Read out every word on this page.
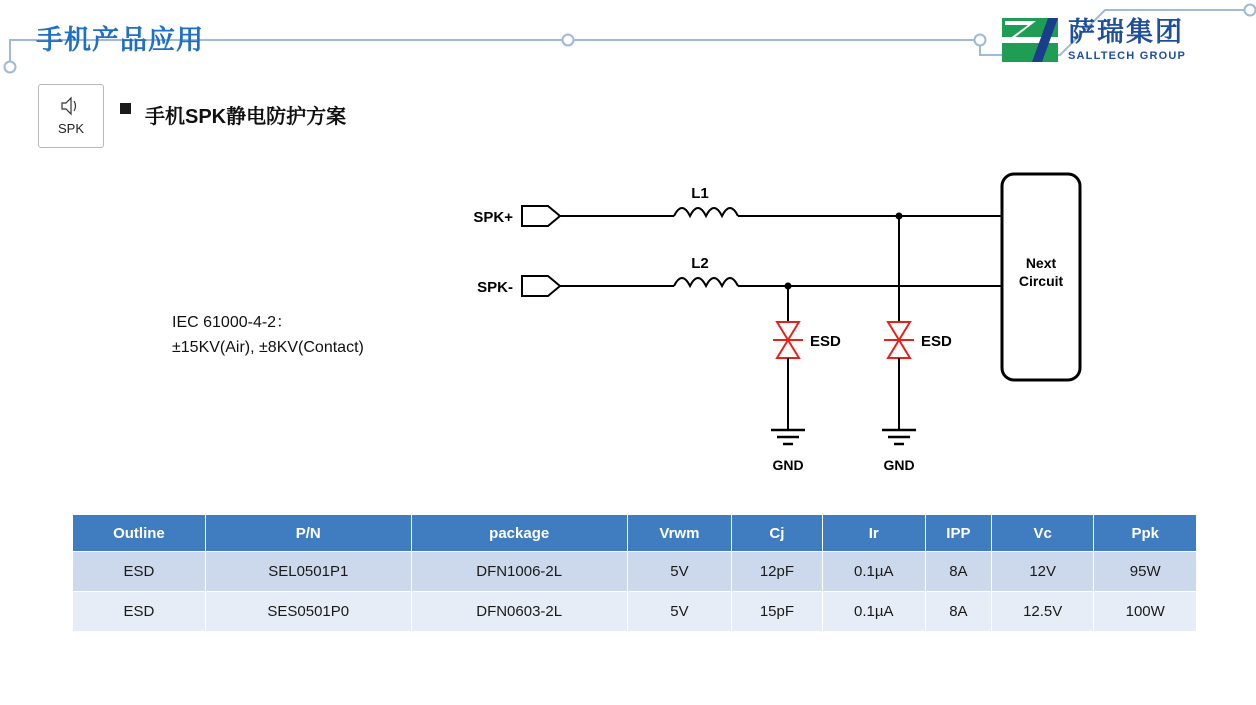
手机产品应用	萨瑞集团
SALLTECH GROUP
SPK
手机SPK静电防护方案
SPK+
SPK-
L1
L2
ESD	ESD
GND	GND
Next
Circuit
IEC 61000-4-2：
±15KV(Air), ±8KV(Contact)
Outline	P/N	package	Vrwm	Cj	Ir	IPP	Vc	Ppk
ESD	SEL0501P1	DFN1006-2L	5V	12pF	0.1µA	8A	12V	95W
ESD	SES0501P0	DFN0603-2L	5V	15pF	0.1µA	8A	12.5V	100W
